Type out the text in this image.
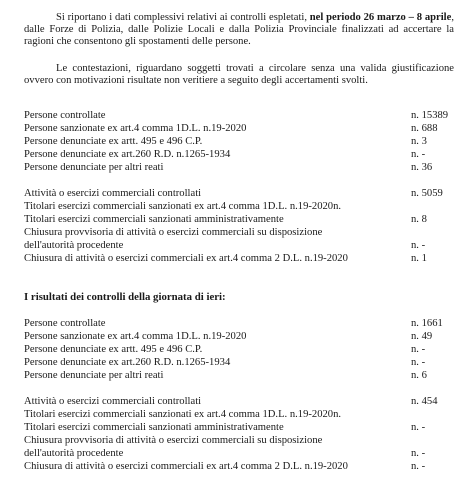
Si riportano i dati complessivi relativi ai controlli espletati, nel periodo 26 marzo – 8 aprile, dalle Forze di Polizia, dalle Polizie Locali e dalla Polizia Provinciale finalizzati ad accertare la ragioni che consentono gli spostamenti delle persone.

Le contestazioni, riguardano soggetti trovati a circolare senza una valida giustificazione ovvero con motivazioni risultate non veritiere a seguito degli accertamenti svolti.

Persone controllate	n. 15389
Persone sanzionate ex art.4 comma 1D.L. n.19-2020	n. 688
Persone denunciate ex artt. 495 e 496 C.P.	n. 3
Persone denunciate ex art.260 R.D. n.1265-1934	n. -
Persone denunciate per altri reati	n. 36
Attività o esercizi commerciali controllati	n. 5059
Titolari esercizi commerciali sanzionati ex art.4 comma 1D.L. n.19-2020n.
Titolari esercizi commerciali sanzionati amministrativamente	n. 8
Chiusura provvisoria di attività o esercizi commerciali su disposizione
dell'autorità procedente	n. -
Chiusura di attività o esercizi commerciali ex art.4 comma 2 D.L. n.19-2020	n. 1
I risultati dei controlli della giornata di ieri:
Persone controllate	n. 1661
Persone sanzionate ex art.4 comma 1D.L. n.19-2020	n. 49
Persone denunciate ex artt. 495 e 496 C.P.	n. -
Persone denunciate ex art.260 R.D. n.1265-1934	n. -
Persone denunciate per altri reati	n. 6
Attività o esercizi commerciali controllati	n. 454
Titolari esercizi commerciali sanzionati ex art.4 comma 1D.L. n.19-2020n.
Titolari esercizi commerciali sanzionati amministrativamente	n. -
Chiusura provvisoria di attività o esercizi commerciali su disposizione
dell'autorità procedente	n. -
Chiusura di attività o esercizi commerciali ex art.4 comma 2 D.L. n.19-2020	n. -
